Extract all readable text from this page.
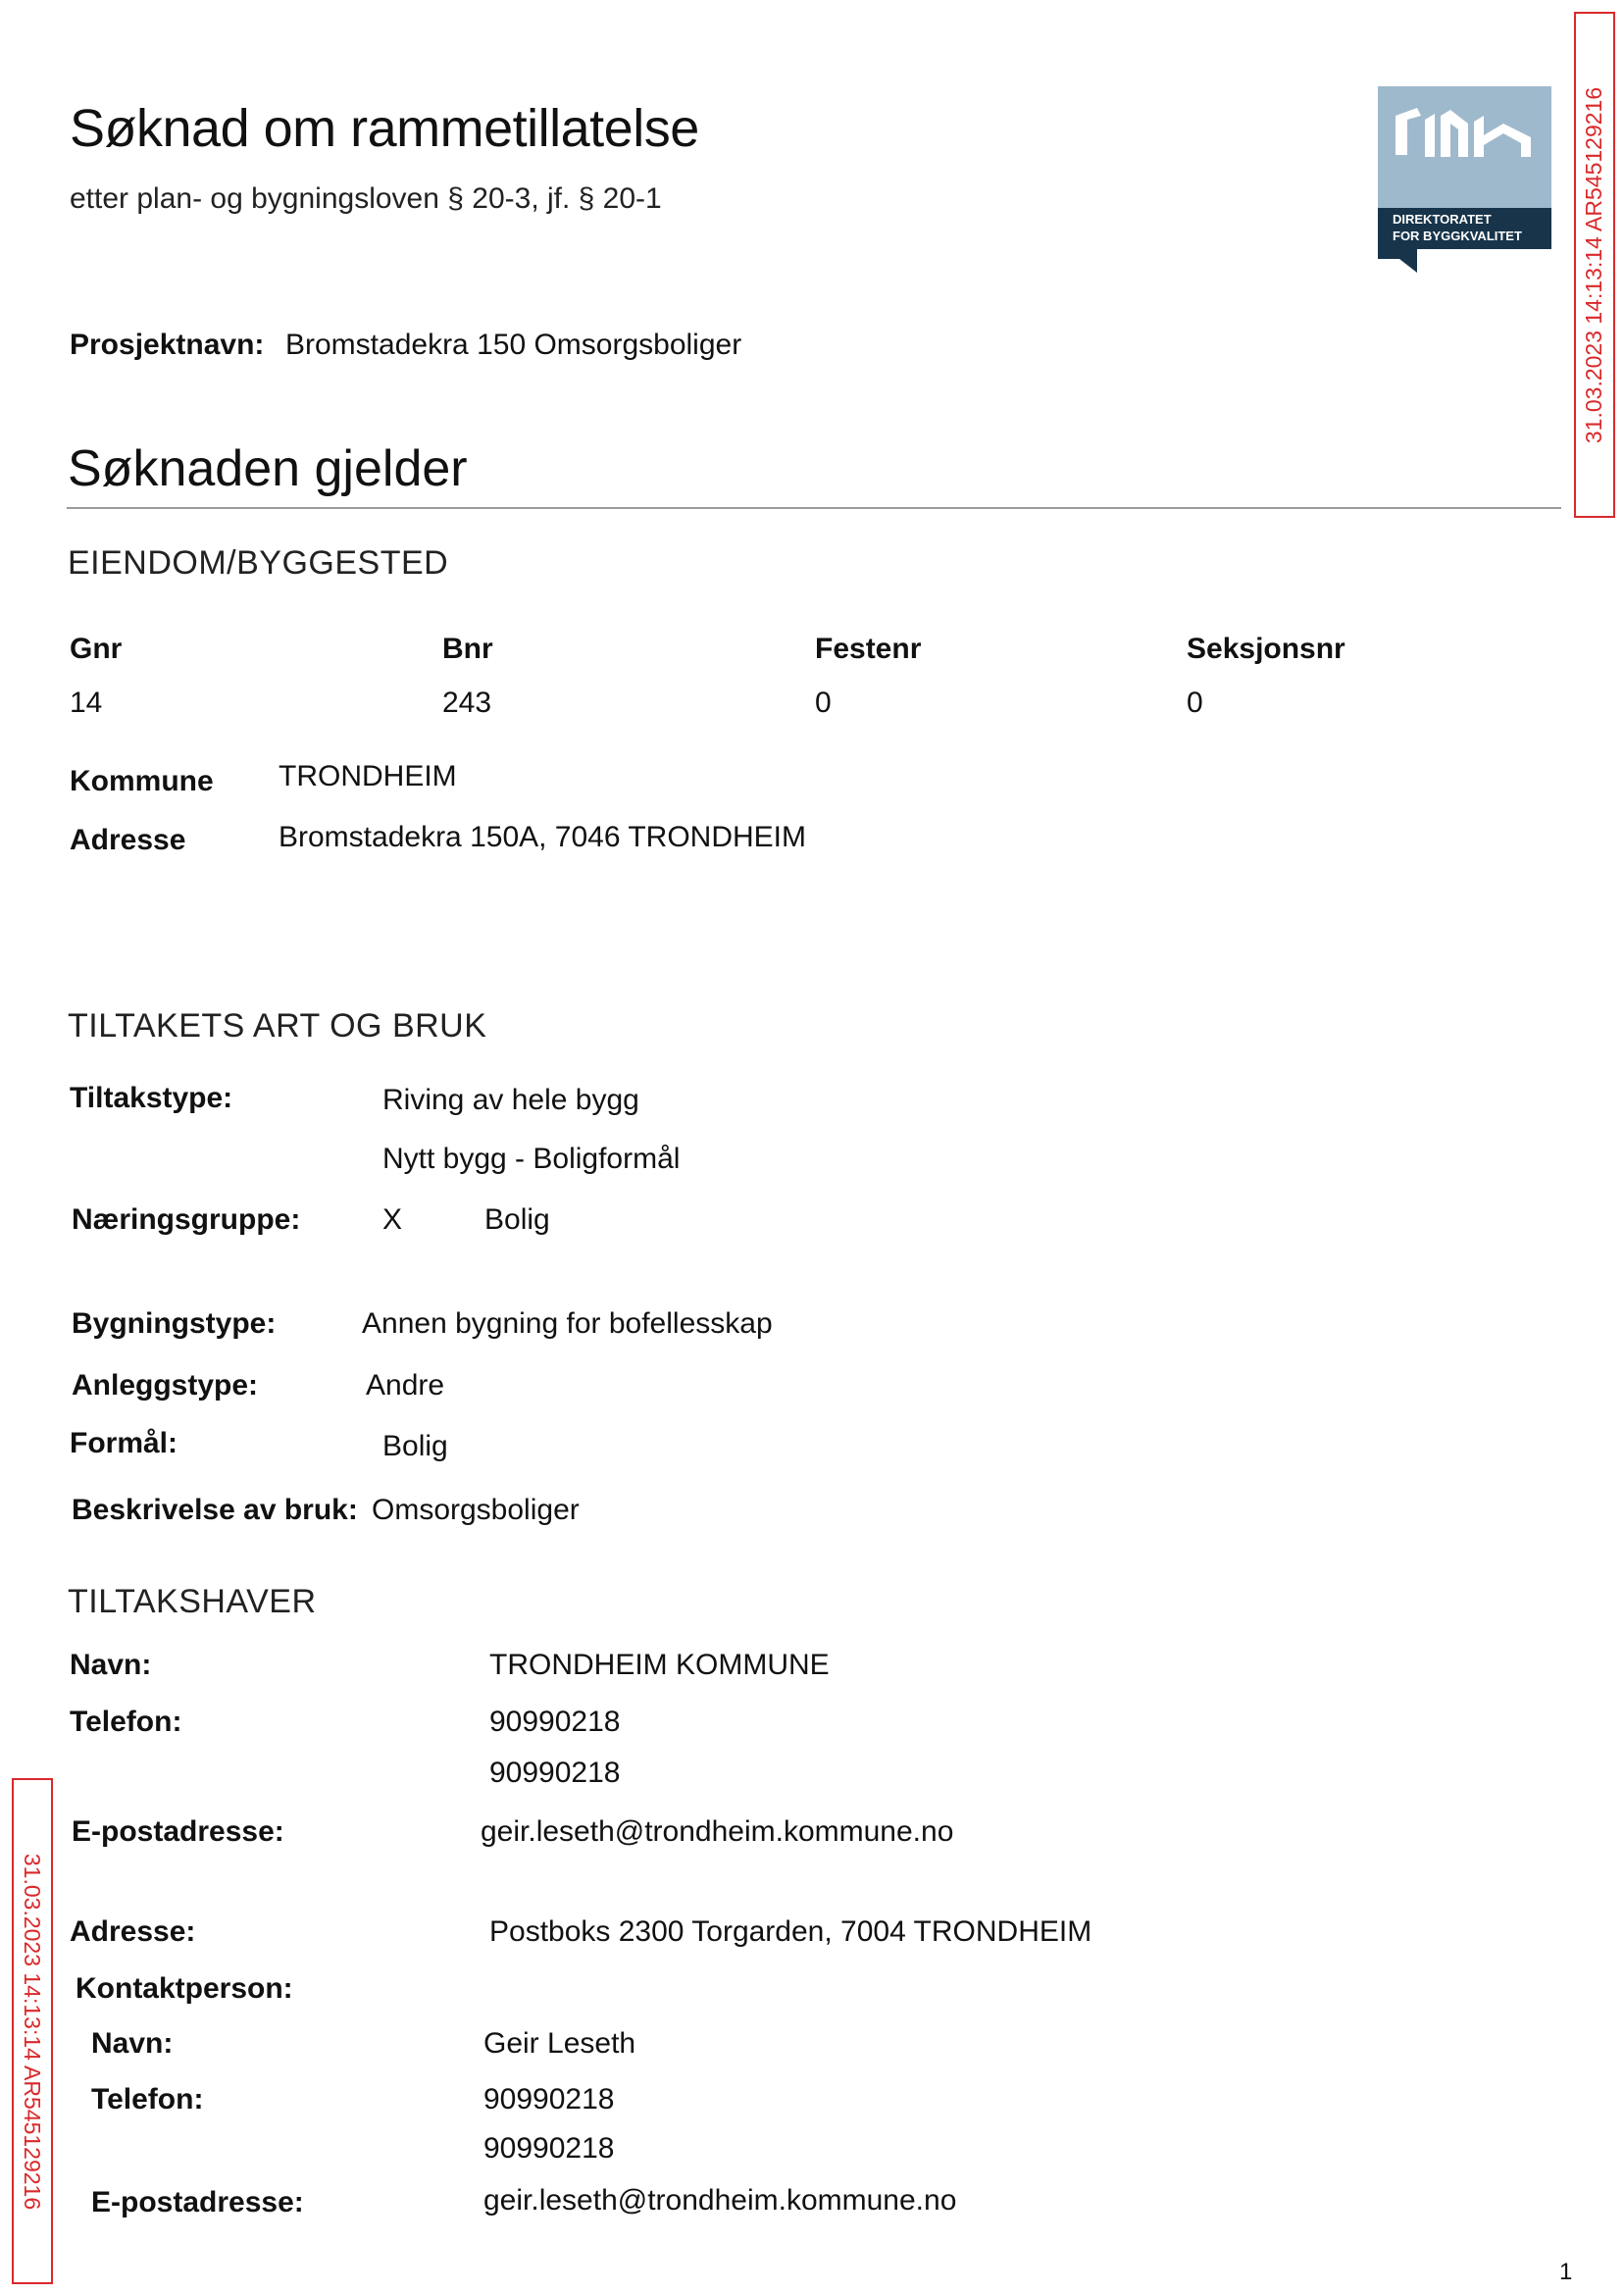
Søknad om rammetillatelse
etter plan- og bygningsloven § 20-3, jf. § 20-1
DIREKTORATET
FOR BYGGKVALITET
Prosjektnavn: Bromstadekra 150 Omsorgsboliger
Søknaden gjelder
EIENDOM/BYGGESTED
Gnr	Bnr	Festenr	Seksjonsnr
14	243	0	0
Kommune TRONDHEIM
Adresse	Bromstadekra 150A, 7046 TRONDHEIM
TILTAKETS ART OG BRUK
Tiltakstype:	Riving av hele bygg
Nytt bygg - Boligformål
Næringsgruppe:	X	Bolig
Bygningstype:	Annen bygning for bofellesskap
Anleggstype:	Andre
Formål:	Bolig
Beskrivelse av bruk: Omsorgsboliger
TILTAKSHAVER
Navn:	TRONDHEIM KOMMUNE
Telefon:	90990218
90990218
E-postadresse:	geir.leseth@trondheim.kommune.no
Adresse:	Postboks 2300 Torgarden, 7004 TRONDHEIM
Kontaktperson:
Navn:	Geir Leseth
Telefon:	90990218
90990218
E-postadresse:	geir.leseth@trondheim.kommune.no
31.03.2023 14:13:14 AR545129216
31.03.2023 14:13:14 AR545129216
1
